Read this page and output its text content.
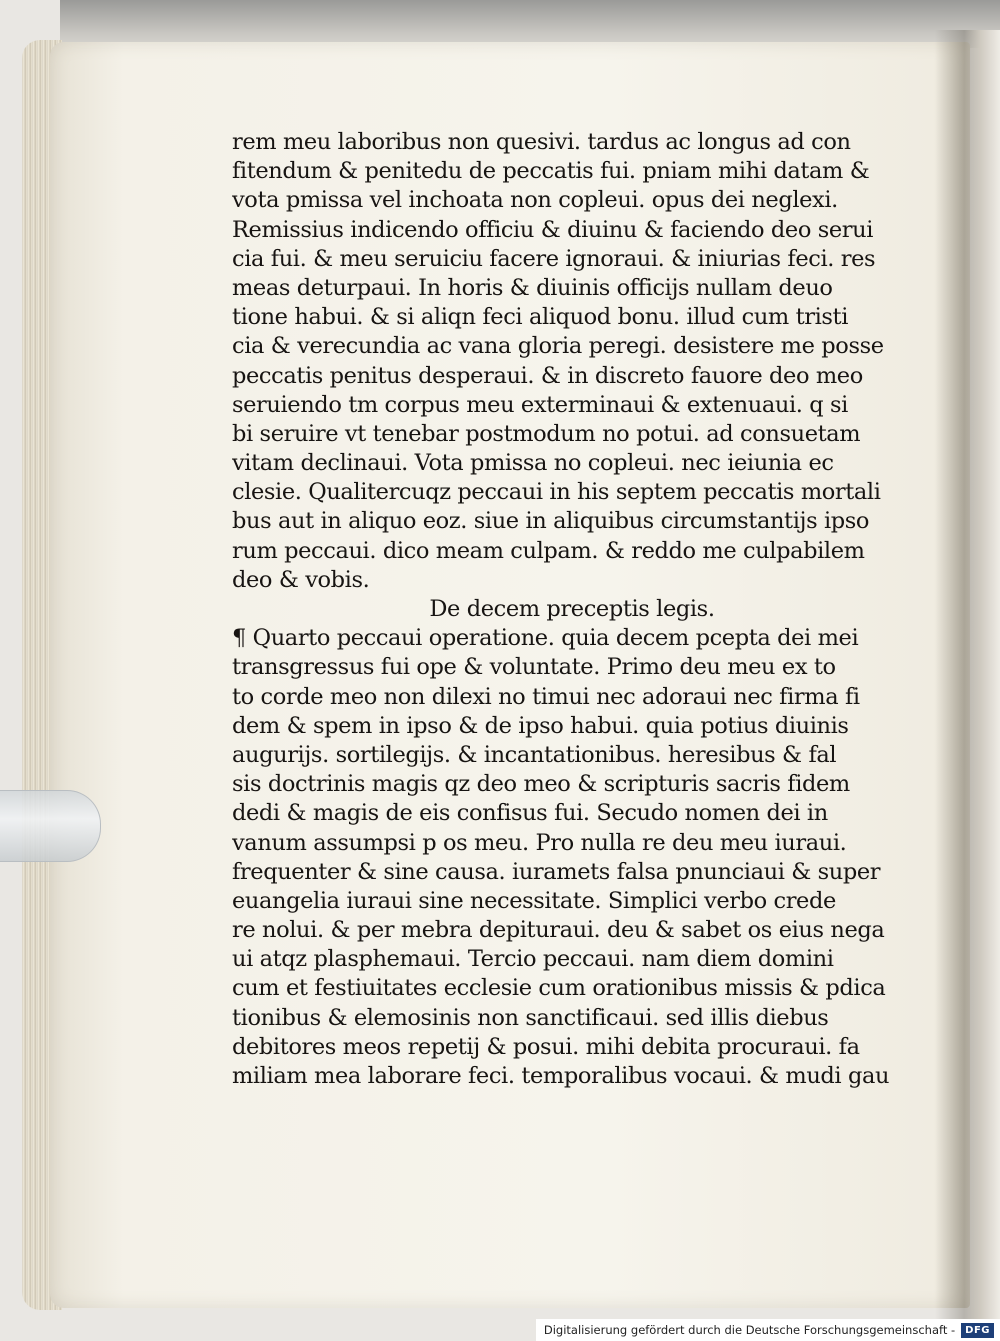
rem meu laboribus non quesivi. tardus ac longus ad con
fitendum & penitedu de peccatis fui. pniam mihi datam &
vota pmissa vel inchoata non copleui. opus dei neglexi.
Remissius indicendo officiu & diuinu & faciendo deo serui
cia fui. & meu seruiciu facere ignoraui. & iniurias feci. res
meas deturpaui. In horis & diuinis officijs nullam deuo
tione habui. & si aliqn feci aliquod bonu. illud cum tristi
cia & verecundia ac vana gloria peregi. desistere me posse
peccatis penitus desperaui. & in discreto fauore deo meo
seruiendo tm corpus meu exterminaui & extenuaui. q si
bi seruire vt tenebar postmodum no potui. ad consuetam
vitam declinaui. Vota pmissa no copleui. nec ieiunia ec
clesie. Qualitercuqz peccaui in his septem peccatis mortali
bus aut in aliquo eoz. siue in aliquibus circumstantijs ipso
rum peccaui. dico meam culpam. & reddo me culpabilem
deo & vobis.
De decem preceptis legis.
¶ Quarto peccaui operatione. quia decem pcepta dei mei
transgressus fui ope & voluntate. Primo deu meu ex to
to corde meo non dilexi no timui nec adoraui nec firma fi
dem & spem in ipso & de ipso habui. quia potius diuinis
augurijs. sortilegijs. & incantationibus. heresibus & fal
sis doctrinis magis qz deo meo & scripturis sacris fidem
dedi & magis de eis confisus fui. Secudo nomen dei in
vanum assumpsi p os meu. Pro nulla re deu meu iuraui.
frequenter & sine causa. iuramets falsa pnunciaui & super
euangelia iuraui sine necessitate. Simplici verbo crede
re nolui. & per mebra depituraui. deu & sabet os eius nega
ui atqz plasphemaui. Tercio peccaui. nam diem domini
cum et festiuitates ecclesie cum orationibus missis & pdica
tionibus & elemosinis non sanctificaui. sed illis diebus
debitores meos repetij & posui. mihi debita procuraui. fa
miliam mea laborare feci. temporalibus vocaui. & mudi gau
Digitalisierung gefördert durch die Deutsche Forschungsgemeinschaft -	DFG
